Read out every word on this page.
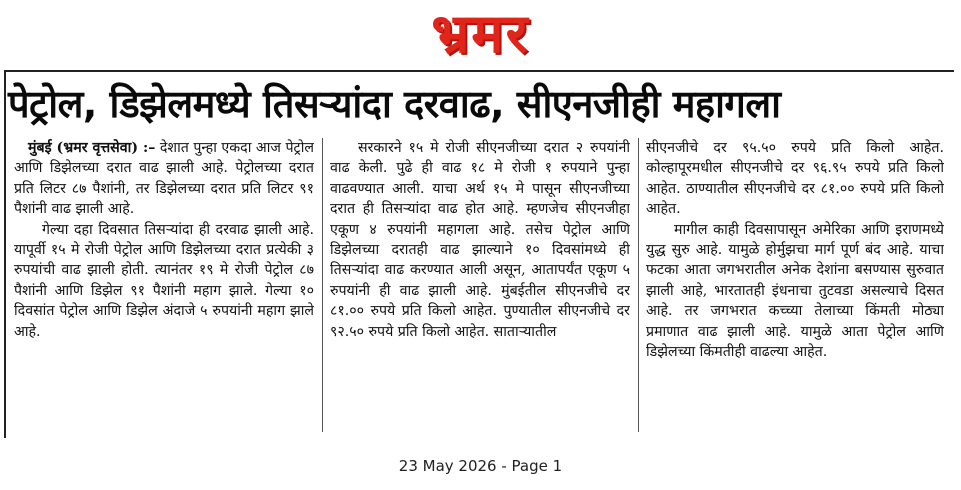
भ्रमर
पेट्रोल, डिझेलमध्ये तिसऱ्यांदा दरवाढ, सीएनजीही महागला

मुंबई (भ्रमर वृत्तसेवा) :– देशात पुन्हा एकदा आज पेट्रोल आणि डिझेलच्या दरात वाढ झाली आहे. पेट्रोलच्या दरात प्रति लिटर ८७ पैशांनी, तर डिझेलच्या दरात प्रति लिटर ९१ पैशांनी वाढ झाली आहे.

गेल्या दहा दिवसात तिसऱ्यांदा ही दरवाढ झाली आहे. यापूर्वी १५ मे रोजी पेट्रोल आणि डिझेलच्या दरात प्रत्येकी ३ रुपयांची वाढ झाली होती. त्यानंतर १९ मे रोजी पेट्रोल ८७ पैशांनी आणि डिझेल ९१ पैशांनी महाग झाले. गेल्या १० दिवसांत पेट्रोल आणि डिझेल अंदाजे ५ रुपयांनी महाग झाले आहे.

सरकारने १५ मे रोजी सीएनजीच्या दरात २ रुपयांनी वाढ केली. पुढे ही वाढ १८ मे रोजी १ रुपयाने पुन्हा वाढवण्यात आली. याचा अर्थ १५ मे पासून सीएनजीच्या दरात ही तिसऱ्यांदा वाढ होत आहे. म्हणजेच सीएनजीहा एकूण ४ रुपयांनी महागला आहे. तसेच पेट्रोल आणि डिझेलच्या दरातही वाढ झाल्याने १० दिवसांमध्ये ही तिसऱ्यांदा वाढ करण्यात आली असून, आतापर्यंत एकूण ५ रुपयांनी ही वाढ झाली आहे. मुंबईतील सीएनजीचे दर ८१.०० रुपये प्रति किलो आहेत. पुण्यातील सीएनजीचे दर ९२.५० रुपये प्रति किलो आहेत. साताऱ्यातील

सीएनजीचे दर ९५.५० रुपये प्रति किलो आहेत. कोल्हापूरमधील सीएनजीचे दर ९६.९५ रुपये प्रति किलो आहेत. ठाण्यातील सीएनजीचे दर ८१.०० रुपये प्रति किलो आहेत.

मागील काही दिवसापासून अमेरिका आणि इराणमध्ये युद्ध सुरु आहे. यामुळे होर्मुझचा मार्ग पूर्ण बंद आहे. याचा फटका आता जगभरातील अनेक देशांना बसण्यास सुरुवात झाली आहे, भारतातही इंधनाचा तुटवडा असल्याचे दिसत आहे. तर जगभरात कच्च्या तेलाच्या किंमती मोठ्या प्रमाणात वाढ झाली आहे. यामुळे आता पेट्रोल आणि डिझेलच्या किंमतीही वाढल्या आहेत.

23 May 2026 - Page 1
